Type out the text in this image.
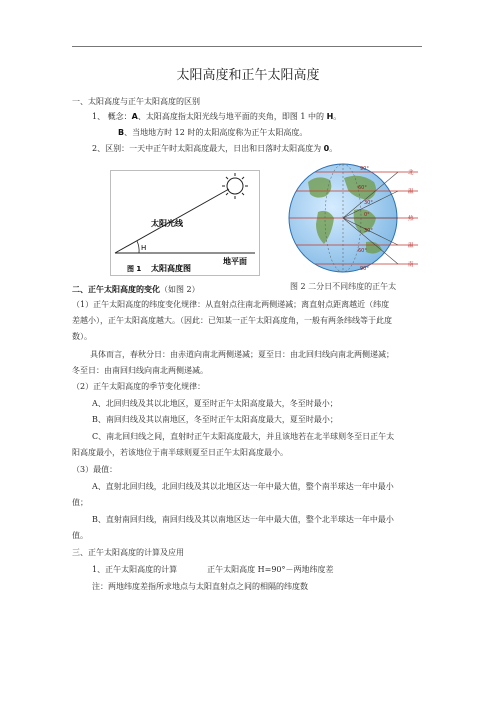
太阳高度和正午太阳高度
一、太阳高度与正午太阳高度的区别
1、 概念：A、太阳高度指太阳光线与地平面的夹角，即图 1 中的 H。
B、当地地方时 12 时的太阳高度称为正午太阳高度。
2、区别：一天中正午时太阳高度最大，日出和日落时太阳高度为 0。
太阳光线
H
地平面
图 1 太阳高度图
90°
60°
30°
0°
30°
60°
90°
北
温
热
温
南
图 2 二分日不同纬度的正午太
二、正午太阳高度的变化（如图 2）
（1）正午太阳高度的纬度变化规律：从直射点往南北两侧递减；离直射点距离越近（纬度
差越小），正午太阳高度越大。（因此：已知某一正午太阳高度角，一般有两条纬线等于此度
数）。
具体而言，春秋分日：由赤道向南北两侧递减；夏至日：由北回归线向南北两侧递减；
冬至日：由南回归线向南北两侧递减。
（2）正午太阳高度的季节变化规律：
A、北回归线及其以北地区，夏至时正午太阳高度最大，冬至时最小；
B、南回归线及其以南地区，冬至时正午太阳高度最大，夏至时最小；
C、南北回归线之间，直射时正午太阳高度最大，并且该地若在北半球则冬至日正午太
阳高度最小，若该地位于南半球则夏至日正午太阳高度最小。
（3）最值：
A、直射北回归线，北回归线及其以北地区达一年中最大值，整个南半球达一年中最小
值；
B、直射南回归线，南回归线及其以南地区达一年中最大值，整个北半球达一年中最小
值。
三、正午太阳高度的计算及应用
1、正午太阳高度的计算	正午太阳高度 H=90°－两地纬度差
注：两地纬度差指所求地点与太阳直射点之间的相隔的纬度数
